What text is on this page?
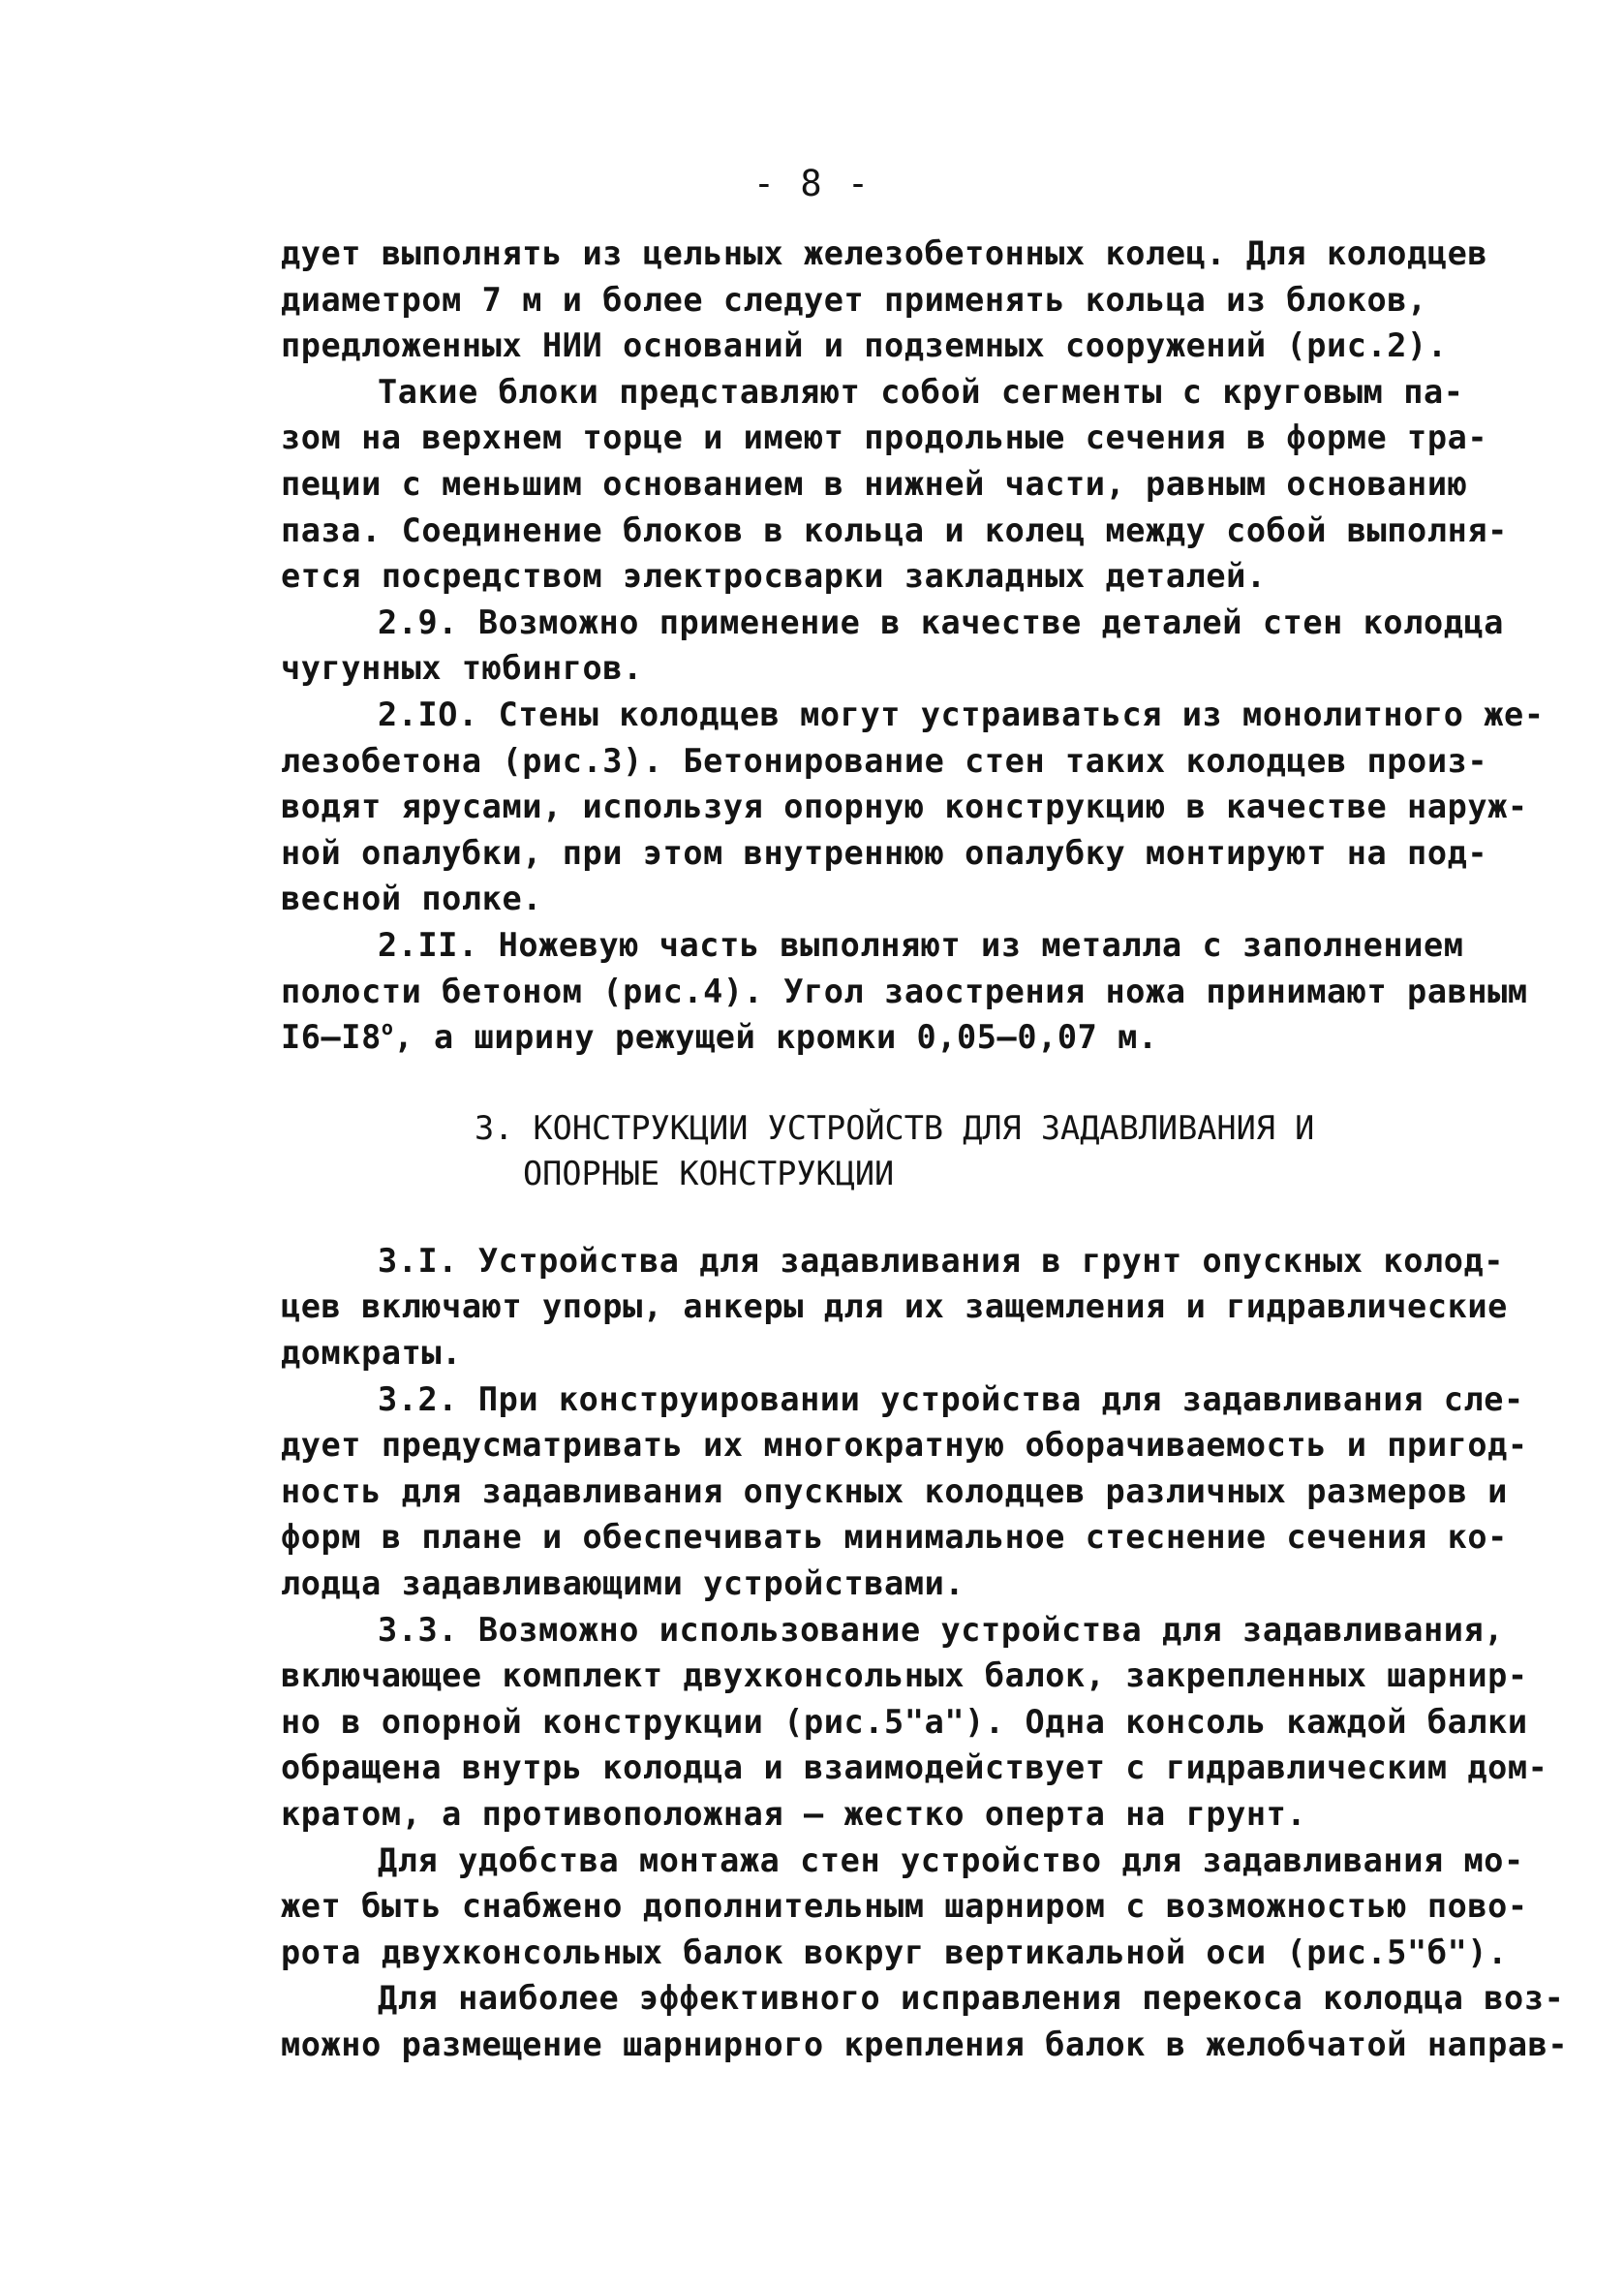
- 8 -
дует выполнять из цельных железобетонных колец. Для колодцев
диаметром 7 м и более следует применять кольца из блоков,
предложенных НИИ оснований и подземных сооружений (рис.2).
Такие блоки представляют собой сегменты с круговым па-
зом на верхнем торце и имеют продольные сечения в форме тра-
пеции с меньшим основанием в нижней части, равным основанию
паза. Соединение блоков в кольца и колец между собой выполня-
ется посредством электросварки закладных деталей.
2.9. Возможно применение в качестве деталей стен колодца
чугунных тюбингов.
2.IO. Стены колодцев могут устраиваться из монолитного же-
лезобетона (рис.3). Бетонирование стен таких колодцев произ-
водят ярусами, используя опорную конструкцию в качестве наруж-
ной опалубки, при этом внутреннюю опалубку монтируют на под-
весной полке.
2.II. Ножевую часть выполняют из металла с заполнением
полости бетоном (рис.4). Угол заострения ножа принимают равным
I6–I8$^o$, а ширину режущей кромки 0,05–0,07 м.
3. КОНСТРУКЦИИ УСТРОЙСТВ ДЛЯ ЗАДАВЛИВАНИЯ И
ОПОРНЫЕ КОНСТРУКЦИИ
3.I. Устройства для задавливания в грунт опускных колод-
цев включают упоры, анкеры для их защемления и гидравлические
домкраты.
3.2. При конструировании устройства для задавливания сле-
дует предусматривать их многократную оборачиваемость и пригод-
ность для задавливания опускных колодцев различных размеров и
форм в плане и обеспечивать минимальное стеснение сечения ко-
лодца задавливающими устройствами.
3.3. Возможно использование устройства для задавливания,
включающее комплект двухконсольных балок, закрепленных шарнир-
но в опорной конструкции (рис.5"а"). Одна консоль каждой балки
обращена внутрь колодца и взаимодействует с гидравлическим дом-
кратом, а противоположная – жестко оперта на грунт.
Для удобства монтажа стен устройство для задавливания мо-
жет быть снабжено дополнительным шарниром с возможностью пово-
рота двухконсольных балок вокруг вертикальной оси (рис.5"б").
Для наиболее эффективного исправления перекоса колодца воз-
можно размещение шарнирного крепления балок в желобчатой направ-
